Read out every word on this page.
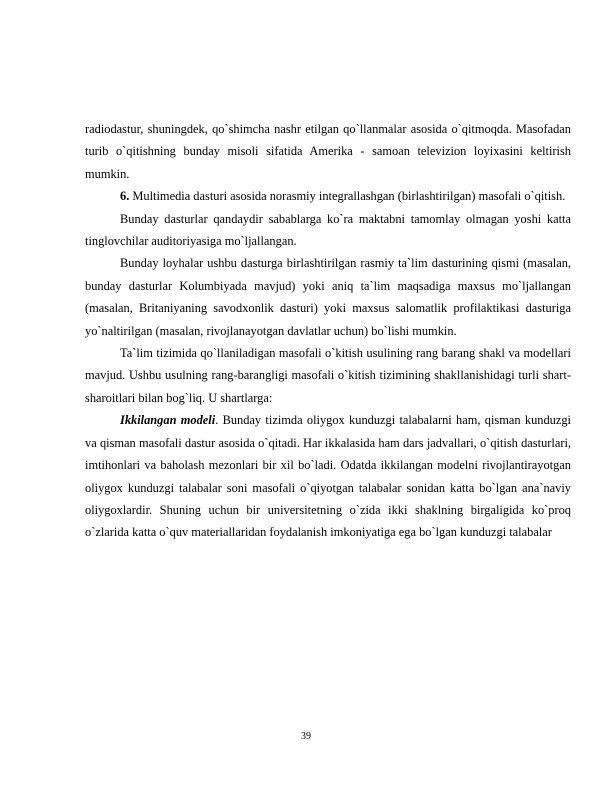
radiodastur, shuningdek, qo`shimcha nashr etilgan qo`llanmalar asosida o`qitmoqda. Masofadan turib o`qitishning bunday misoli sifatida Amerika - samoan televizion loyixasini keltirish mumkin.

6. Multimedia dasturi asosida norasmiy integrallashgan (birlashtirilgan) masofali o`qitish.

Bunday dasturlar qandaydir sabablarga ko`ra maktabni tamomlay olmagan yoshi katta tinglovchilar auditoriyasiga mo`ljallangan.

Bunday loyhalar ushbu dasturga birlashtirilgan rasmiy ta`lim dasturining qismi (masalan, bunday dasturlar Kolumbiyada mavjud) yoki aniq ta`lim maqsadiga maxsus mo`ljallangan (masalan, Britaniyaning savodxonlik dasturi) yoki maxsus salomatlik profilaktikasi dasturiga yo`naltirilgan (masalan, rivojlanayotgan davlatlar uchun) bo`lishi mumkin.

Ta`lim tizimida qo`llaniladigan masofali o`kitish usulining rang barang shakl va modellari mavjud. Ushbu usulning rang-barangligi masofali o`kitish tizimining shakllanishidagi turli shart-sharoitlari bilan bog`liq. U shartlarga:

Ikkilangan modeli. Bunday tizimda oliygox kunduzgi talabalarni ham, qisman kunduzgi va qisman masofali dastur asosida o`qitadi. Har ikkalasida ham dars jadvallari, o`qitish dasturlari, imtihonlari va baholash mezonlari bir xil bo`ladi. Odatda ikkilangan modelni rivojlantirayotgan oliygox kunduzgi talabalar soni masofali o`qiyotgan talabalar sonidan katta bo`lgan ana`naviy oliygoxlardir. Shuning uchun bir universitetning o`zida ikki shaklning birgaligida ko`proq o`zlarida katta o`quv materiallaridan foydalanish imkoniyatiga ega bo`lgan kunduzgi talabalar

39
